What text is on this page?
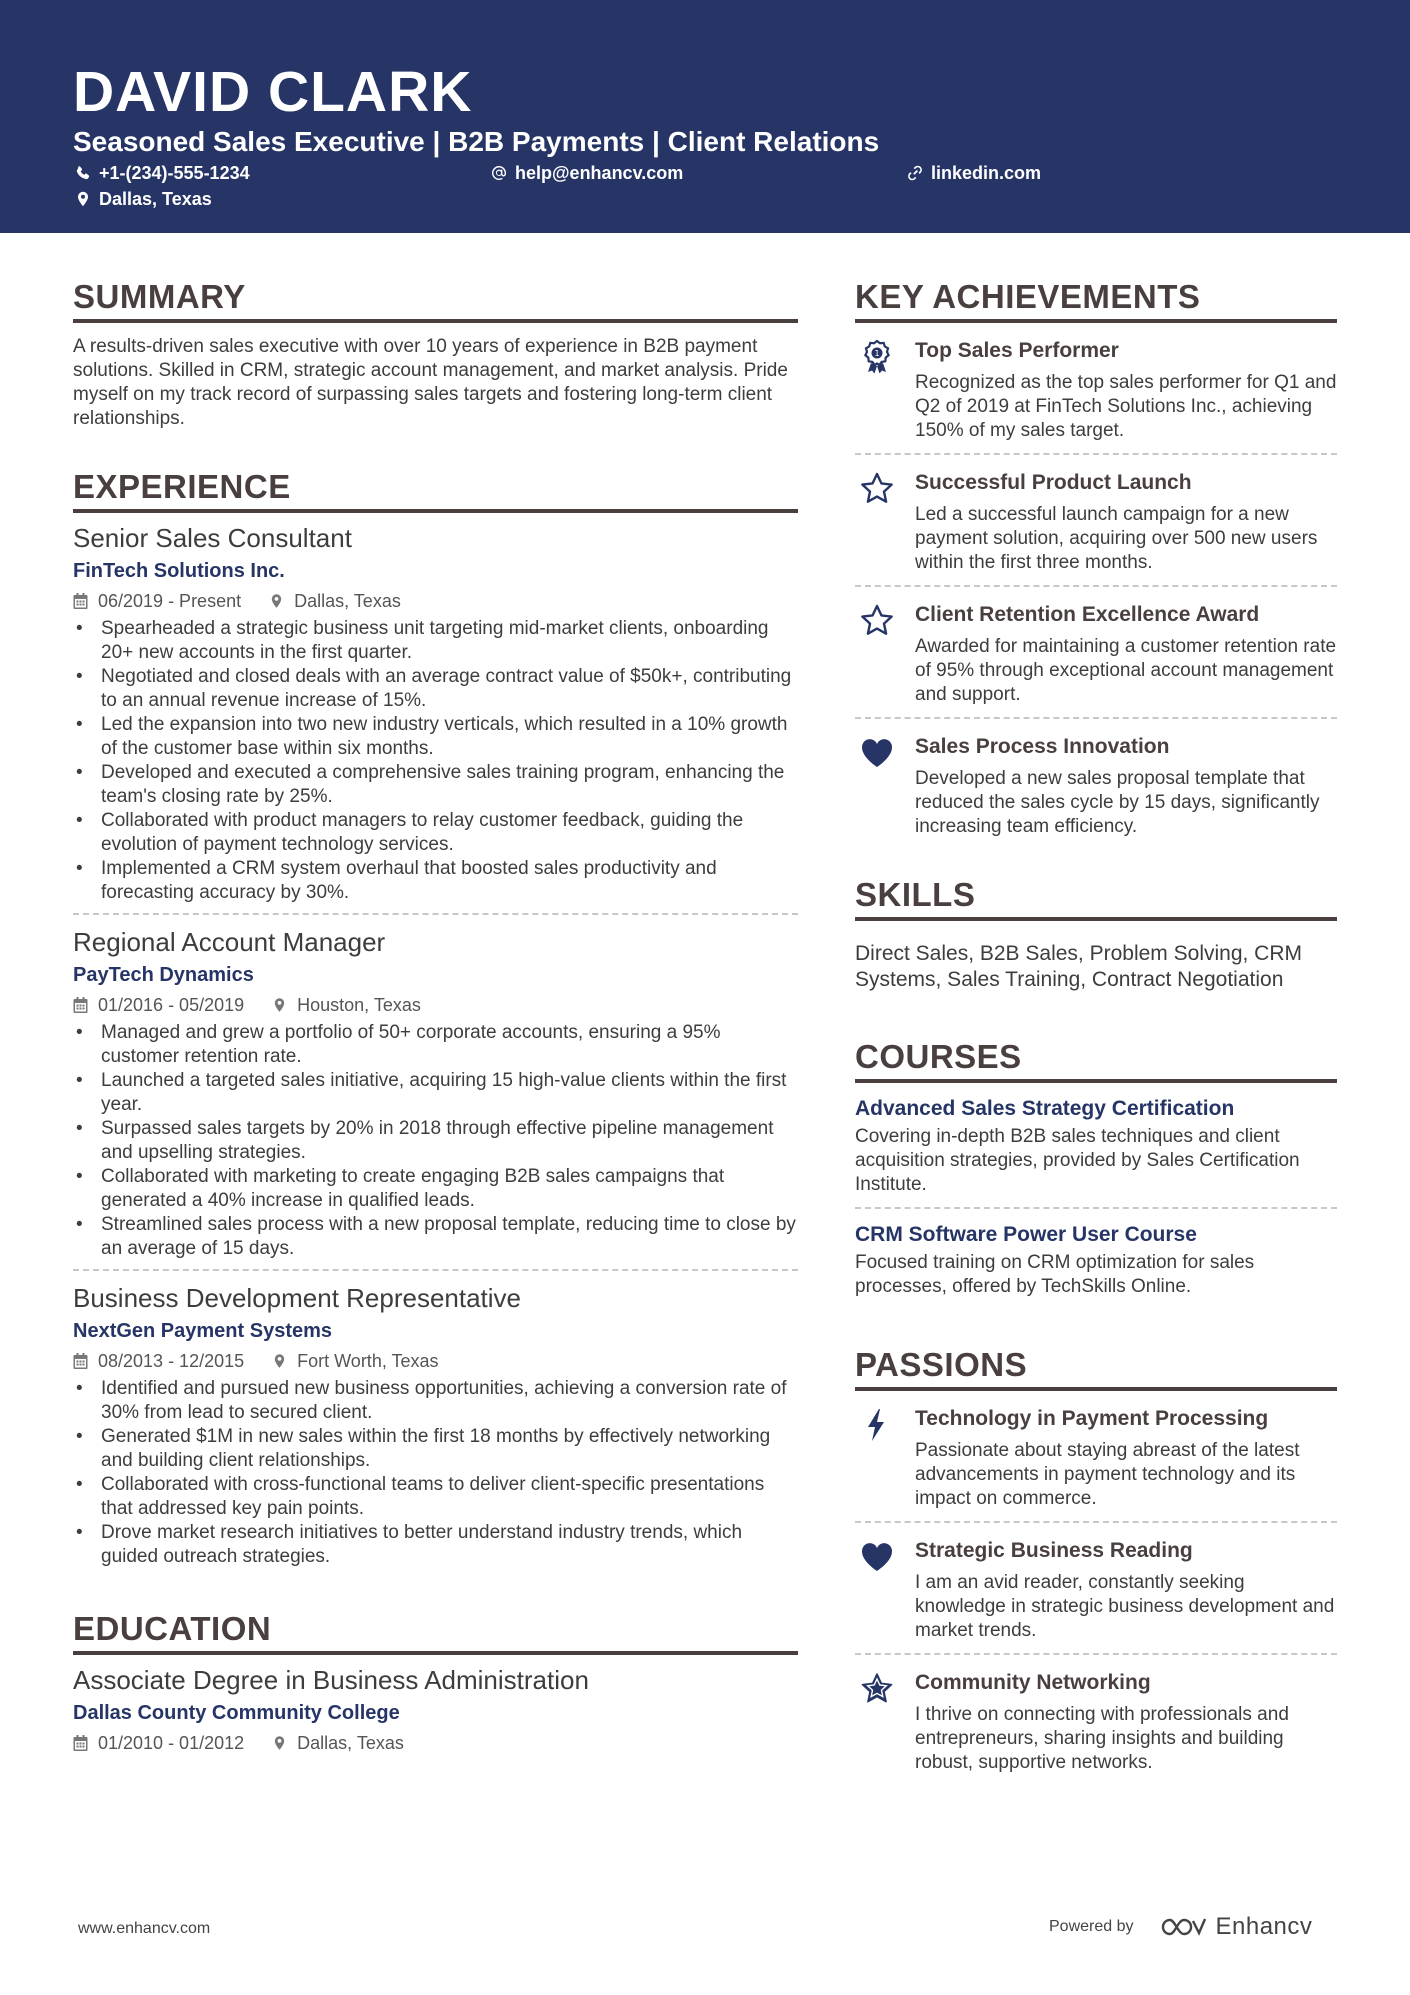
DAVID CLARK
Seasoned Sales Executive | B2B Payments | Client Relations
+1-(234)-555-1234	help@enhancv.com	linkedin.com
Dallas, Texas
SUMMARY
A results-driven sales executive with over 10 years of experience in B2B payment solutions. Skilled in CRM, strategic account management, and market analysis. Pride myself on my track record of surpassing sales targets and fostering long-term client relationships.
EXPERIENCE
Senior Sales Consultant
FinTech Solutions Inc.
06/2019 - Present	Dallas, Texas
• Spearheaded a strategic business unit targeting mid-market clients, onboarding 20+ new accounts in the first quarter.
• Negotiated and closed deals with an average contract value of $50k+, contributing to an annual revenue increase of 15%.
• Led the expansion into two new industry verticals, which resulted in a 10% growth of the customer base within six months.
• Developed and executed a comprehensive sales training program, enhancing the team's closing rate by 25%.
• Collaborated with product managers to relay customer feedback, guiding the evolution of payment technology services.
• Implemented a CRM system overhaul that boosted sales productivity and forecasting accuracy by 30%.
Regional Account Manager
PayTech Dynamics
01/2016 - 05/2019	Houston, Texas
• Managed and grew a portfolio of 50+ corporate accounts, ensuring a 95% customer retention rate.
• Launched a targeted sales initiative, acquiring 15 high-value clients within the first year.
• Surpassed sales targets by 20% in 2018 through effective pipeline management and upselling strategies.
• Collaborated with marketing to create engaging B2B sales campaigns that generated a 40% increase in qualified leads.
• Streamlined sales process with a new proposal template, reducing time to close by an average of 15 days.
Business Development Representative
NextGen Payment Systems
08/2013 - 12/2015	Fort Worth, Texas
• Identified and pursued new business opportunities, achieving a conversion rate of 30% from lead to secured client.
• Generated $1M in new sales within the first 18 months by effectively networking and building client relationships.
• Collaborated with cross-functional teams to deliver client-specific presentations that addressed key pain points.
• Drove market research initiatives to better understand industry trends, which guided outreach strategies.
EDUCATION
Associate Degree in Business Administration
Dallas County Community College
01/2010 - 01/2012	Dallas, Texas
KEY ACHIEVEMENTS
1 Top Sales Performer
Recognized as the top sales performer for Q1 and Q2 of 2019 at FinTech Solutions Inc., achieving 150% of my sales target.
Successful Product Launch
Led a successful launch campaign for a new payment solution, acquiring over 500 new users within the first three months.
Client Retention Excellence Award
Awarded for maintaining a customer retention rate of 95% through exceptional account management and support.
Sales Process Innovation
Developed a new sales proposal template that reduced the sales cycle by 15 days, significantly increasing team efficiency.
SKILLS
Direct Sales, B2B Sales, Problem Solving, CRM Systems, Sales Training, Contract Negotiation
COURSES
Advanced Sales Strategy Certification
Covering in-depth B2B sales techniques and client acquisition strategies, provided by Sales Certification Institute.
CRM Software Power User Course
Focused training on CRM optimization for sales processes, offered by TechSkills Online.
PASSIONS
Technology in Payment Processing
Passionate about staying abreast of the latest advancements in payment technology and its impact on commerce.
Strategic Business Reading
I am an avid reader, constantly seeking knowledge in strategic business development and market trends.
Community Networking
I thrive on connecting with professionals and entrepreneurs, sharing insights and building robust, supportive networks.
www.enhancv.com	Powered by	Enhancv
